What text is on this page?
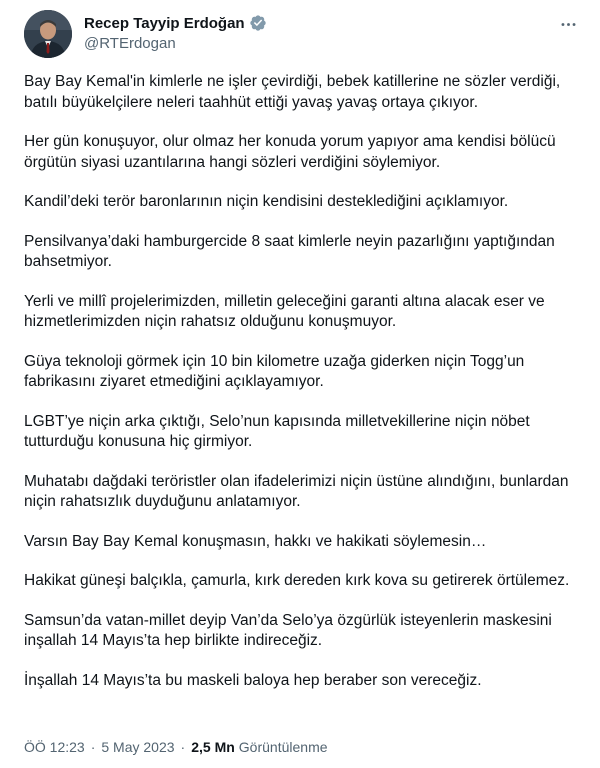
Recep Tayyip Erdoğan
@RTErdogan

Bay Bay Kemal'in kimlerle ne işler çevirdiği, bebek katillerine ne sözler verdiği, batılı büyükelçilere neleri taahhüt ettiği yavaş yavaş ortaya çıkıyor.

Her gün konuşuyor, olur olmaz her konuda yorum yapıyor ama kendisi bölücü örgütün siyasi uzantılarına hangi sözleri verdiğini söylemiyor.

Kandil’deki terör baronlarının niçin kendisini desteklediğini açıklamıyor.

Pensilvanya’daki hamburgercide 8 saat kimlerle neyin pazarlığını yaptığından bahsetmiyor.

Yerli ve millî projelerimizden, milletin geleceğini garanti altına alacak eser ve hizmetlerimizden niçin rahatsız olduğunu konuşmuyor.

Güya teknoloji görmek için 10 bin kilometre uzağa giderken niçin Togg’un fabrikasını ziyaret etmediğini açıklayamıyor.

LGBT’ye niçin arka çıktığı, Selo’nun kapısında milletvekillerine niçin nöbet tutturduğu konusuna hiç girmiyor.

Muhatabı dağdaki teröristler olan ifadelerimizi niçin üstüne alındığını, bunlardan niçin rahatsızlık duyduğunu anlatamıyor.

Varsın Bay Bay Kemal konuşmasın, hakkı ve hakikati söylemesin…

Hakikat güneşi balçıkla, çamurla, kırk dereden kırk kova su getirerek örtülemez.

Samsun’da vatan-millet deyip Van’da Selo’ya özgürlük isteyenlerin maskesini inşallah 14 Mayıs’ta hep birlikte indireceğiz.

İnşallah 14 Mayıs’ta bu maskeli baloya hep beraber son vereceğiz.

ÖÖ 12:23 · 5 May 2023 · 2,5 Mn Görüntülenme
